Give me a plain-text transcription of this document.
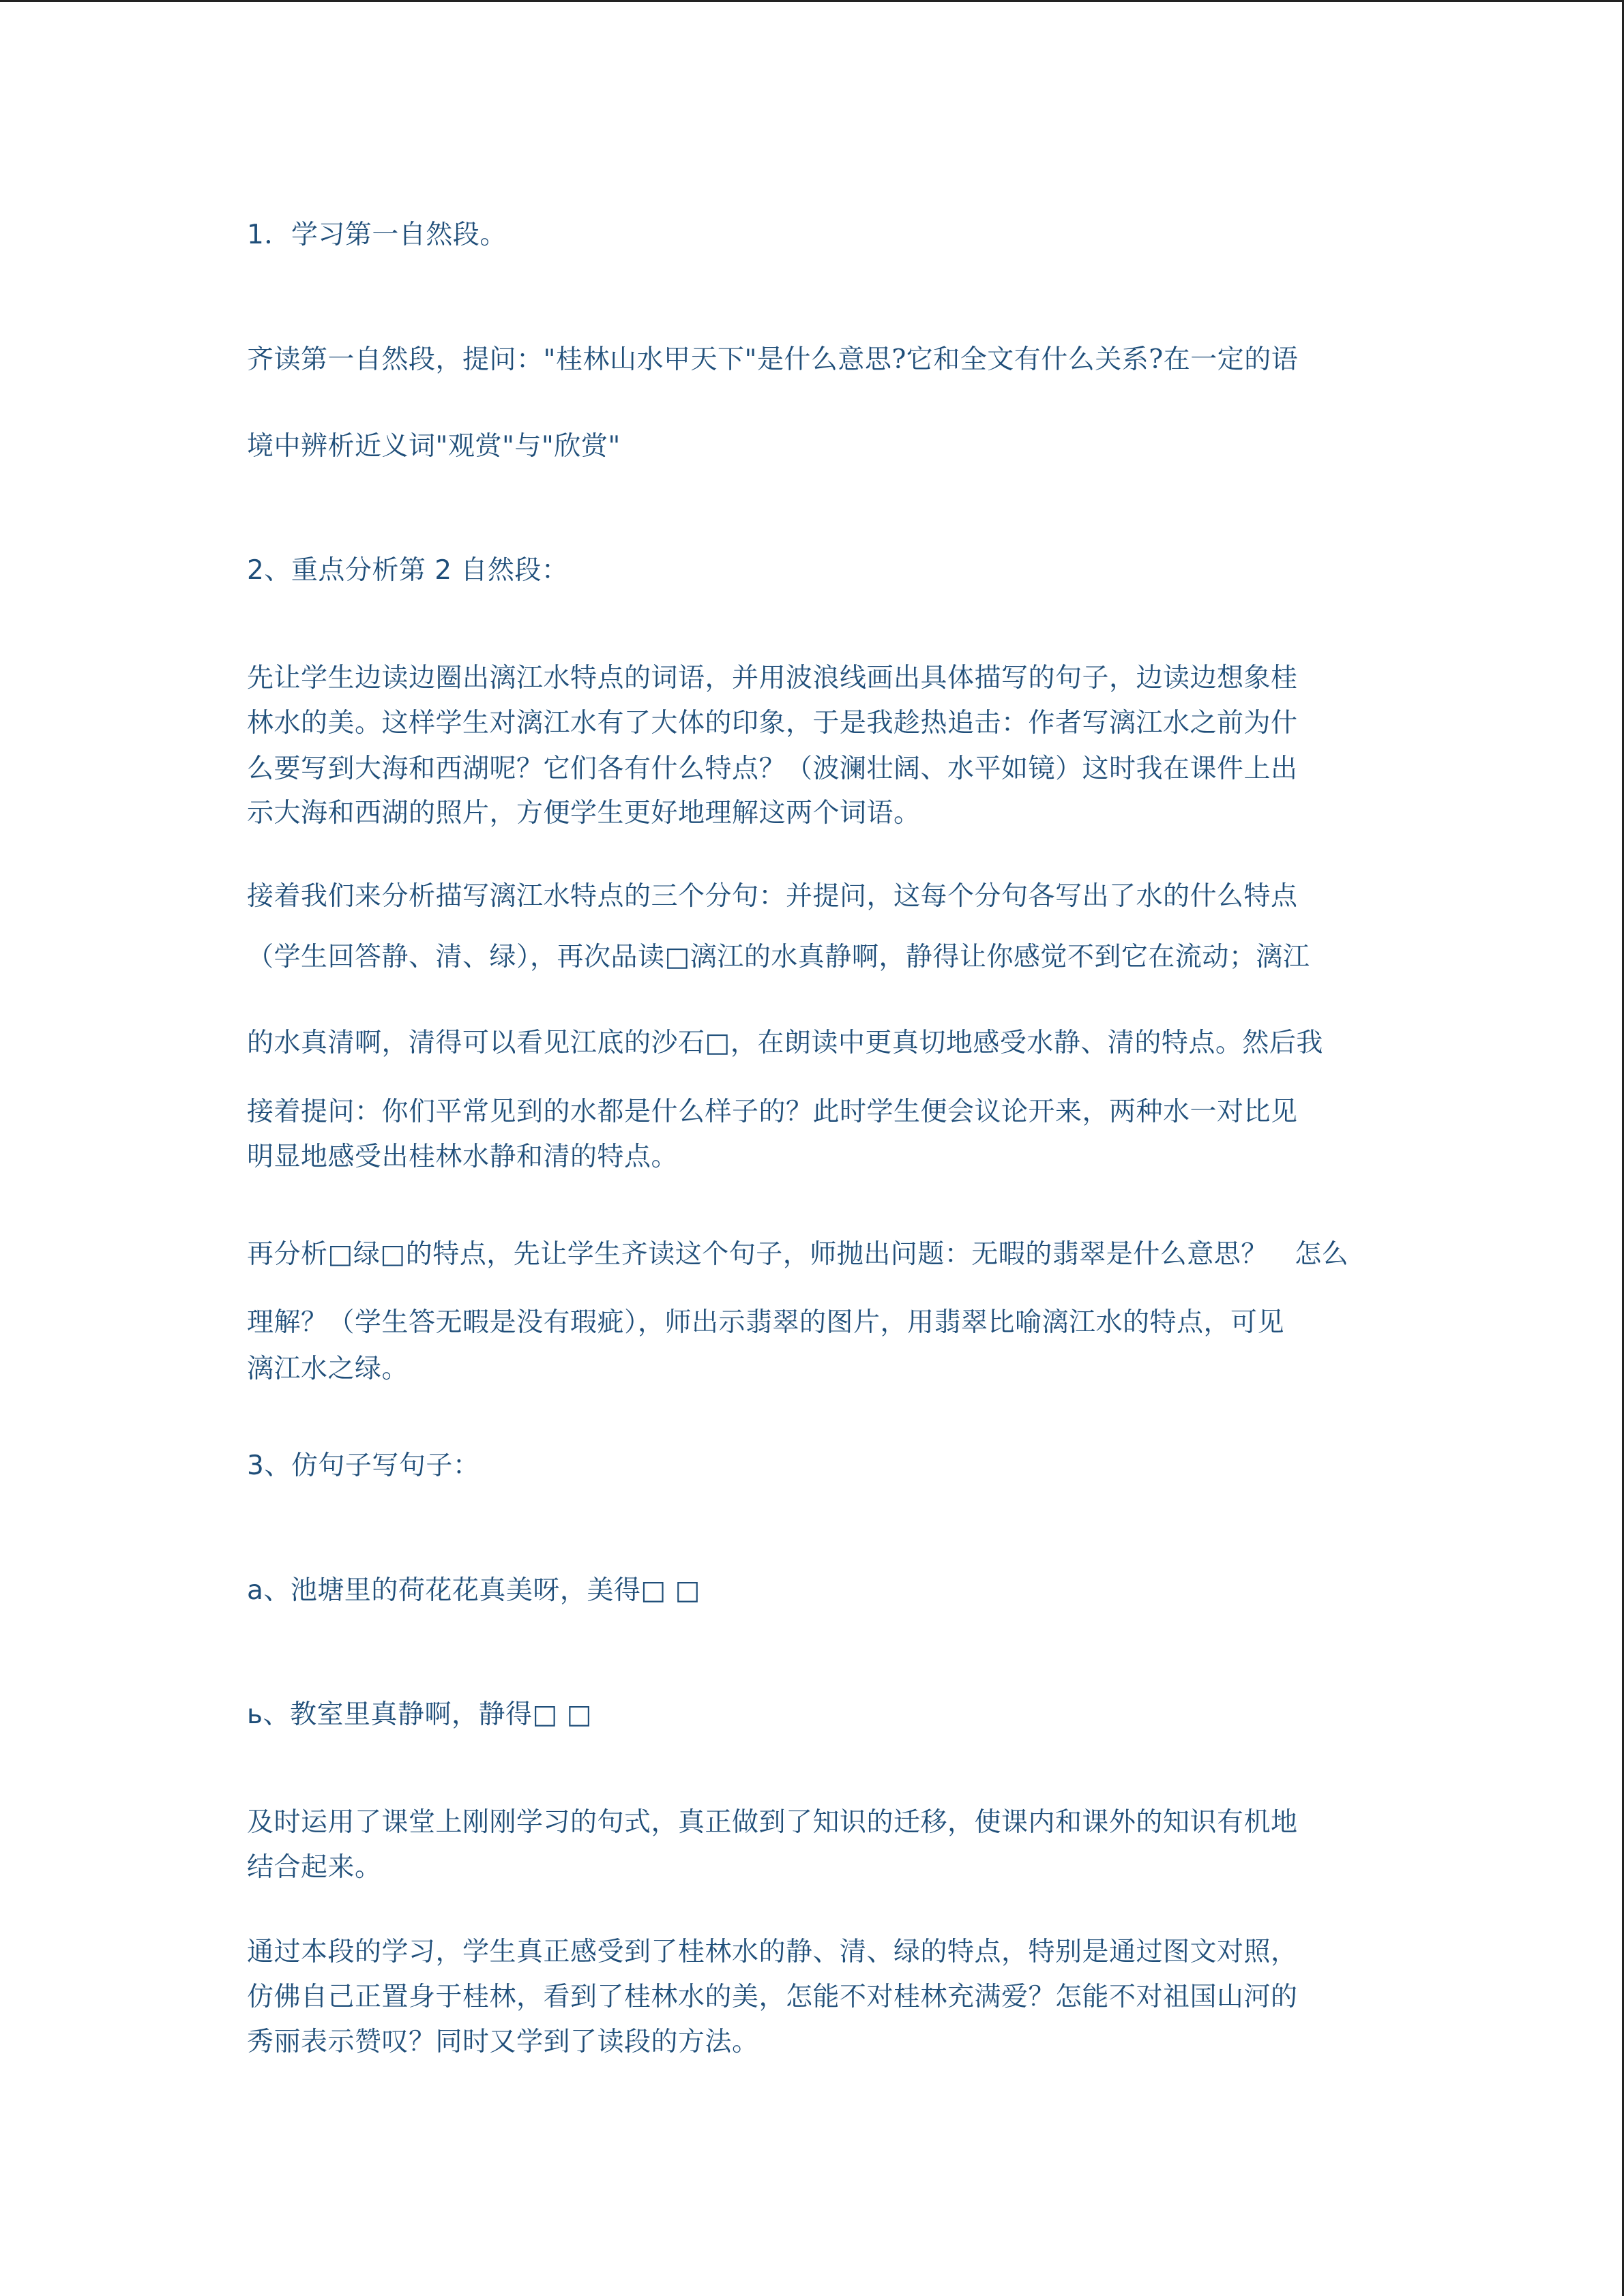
1．学习第一自然段。
齐读第一自然段，提问："桂林山水甲天下"是什么意思?它和全文有什么关系?在一定的语
境中辨析近义词"观赏"与"欣赏"
2、重点分析第 2 自然段：
先让学生边读边圈出漓江水特点的词语，并用波浪线画出具体描写的句子，边读边想象桂
林水的美。这样学生对漓江水有了大体的印象，于是我趁热追击：作者写漓江水之前为什
么要写到大海和西湖呢？它们各有什么特点？（波澜壮阔、水平如镜）这时我在课件上出
示大海和西湖的照片，方便学生更好地理解这两个词语。
接着我们来分析描写漓江水特点的三个分句：并提问，这每个分句各写出了水的什么特点
（学生回答静、清、绿），再次品读□漓江的水真静啊，静得让你感觉不到它在流动；漓江
的水真清啊，清得可以看见江底的沙石□，在朗读中更真切地感受水静、清的特点。然后我
接着提问：你们平常见到的水都是什么样子的？此时学生便会议论开来，两种水一对比见
明显地感受出桂林水静和清的特点。
再分析□绿□的特点，先让学生齐读这个句子，师抛出问题：无暇的翡翠是什么意思？　怎么
理解？（学生答无暇是没有瑕疵），师出示翡翠的图片，用翡翠比喻漓江水的特点，可见
漓江水之绿。
3、仿句子写句子：
a、池塘里的荷花花真美呀，美得□ □
ь、教室里真静啊，静得□ □
及时运用了课堂上刚刚学习的句式，真正做到了知识的迁移，使课内和课外的知识有机地
结合起来。
通过本段的学习，学生真正感受到了桂林水的静、清、绿的特点，特别是通过图文对照，
仿佛自己正置身于桂林，看到了桂林水的美，怎能不对桂林充满爱？怎能不对祖国山河的
秀丽表示赞叹？同时又学到了读段的方法。
